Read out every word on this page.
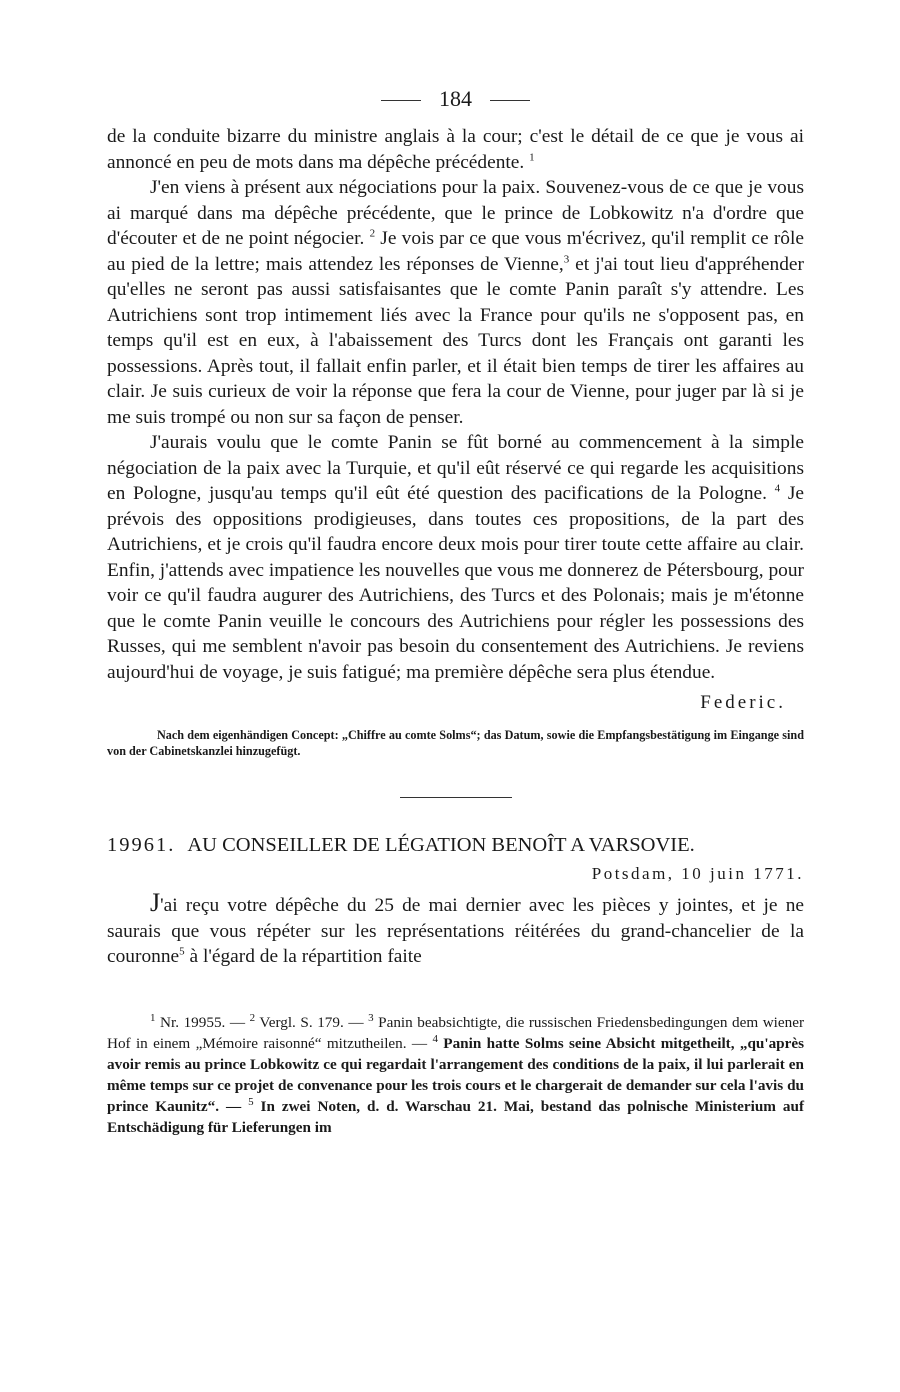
184

de la conduite bizarre du ministre anglais à la cour; c'est le détail de ce que je vous ai annoncé en peu de mots dans ma dépêche précédente. $^1$

J'en viens à présent aux négociations pour la paix. Souvenez-vous de ce que je vous ai marqué dans ma dépêche précédente, que le prince de Lobkowitz n'a d'ordre que d'écouter et de ne point négocier. $^2$ Je vois par ce que vous m'écrivez, qu'il remplit ce rôle au pied de la lettre; mais attendez les réponses de Vienne,$^3$ et j'ai tout lieu d'appréhender qu'elles ne seront pas aussi satisfaisantes que le comte Panin paraît s'y attendre. Les Autrichiens sont trop intimement liés avec la France pour qu'ils ne s'opposent pas, en temps qu'il est en eux, à l'abaissement des Turcs dont les Français ont garanti les possessions. Après tout, il fallait enfin parler, et il était bien temps de tirer les affaires au clair. Je suis curieux de voir la réponse que fera la cour de Vienne, pour juger par là si je me suis trompé ou non sur sa façon de penser.

J'aurais voulu que le comte Panin se fût borné au commencement à la simple négociation de la paix avec la Turquie, et qu'il eût réservé ce qui regarde les acquisitions en Pologne, jusqu'au temps qu'il eût été question des pacifications de la Pologne. $^4$ Je prévois des oppositions prodigieuses, dans toutes ces propositions, de la part des Autrichiens, et je crois qu'il faudra encore deux mois pour tirer toute cette affaire au clair. Enfin, j'attends avec impatience les nouvelles que vous me donnerez de Pétersbourg, pour voir ce qu'il faudra augurer des Autrichiens, des Turcs et des Polonais; mais je m'étonne que le comte Panin veuille le concours des Autrichiens pour régler les possessions des Russes, qui me semblent n'avoir pas besoin du consentement des Autrichiens. Je reviens aujourd'hui de voyage, je suis fatigué; ma première dépêche sera plus étendue.

Federic.
Nach dem eigenhändigen Concept: „Chiffre au comte Solms“; das Datum, sowie die Empfangsbestätigung im Eingange sind von der Cabinetskanzlei hinzugefügt.
19961. AU CONSEILLER DE LÉGATION BENOÎT A VARSOVIE.
Potsdam, 10 juin 1771.

J'ai reçu votre dépêche du 25 de mai dernier avec les pièces y jointes, et je ne saurais que vous répéter sur les représentations réitérées du grand-chancelier de la couronne$^5$ à l'égard de la répartition faite

$^1$ Nr. 19955. — $^2$ Vergl. S. 179. — $^3$ Panin beabsichtigte, die russischen Friedensbedingungen dem wiener Hof in einem „Mémoire raisonné“ mitzutheilen. — $^4$ Panin hatte Solms seine Absicht mitgetheilt, „qu'après avoir remis au prince Lobkowitz ce qui regardait l'arrangement des conditions de la paix, il lui parlerait en même temps sur ce projet de convenance pour les trois cours et le chargerait de demander sur cela l'avis du prince Kaunitz“. — $^5$ In zwei Noten, d. d. Warschau 21. Mai, bestand das polnische Ministerium auf Entschädigung für Lieferungen im
